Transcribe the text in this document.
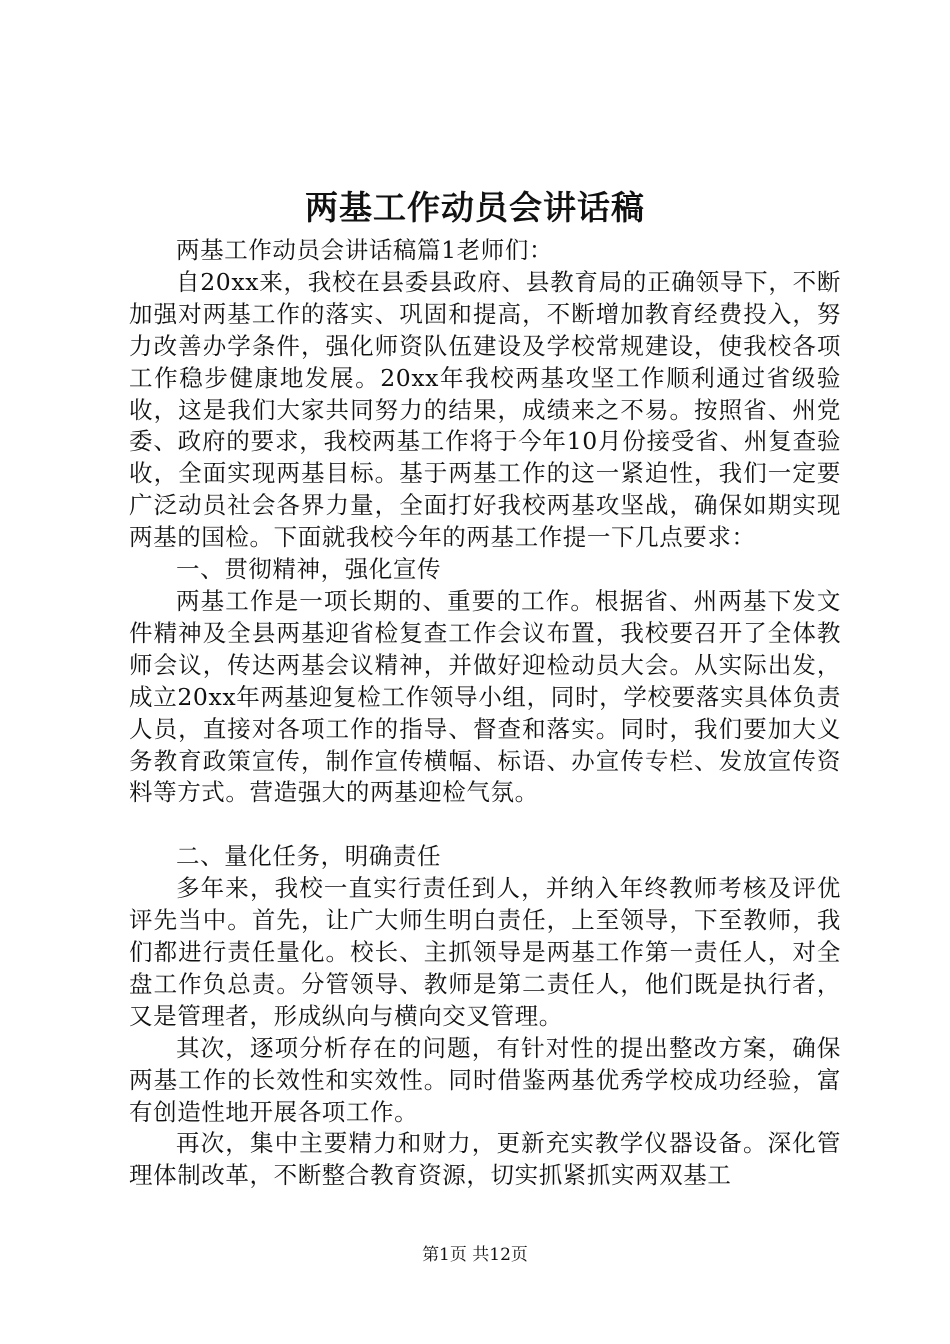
两基工作动员会讲话稿

两基工作动员会讲话稿篇1老师们：

自20xx来，我校在县委县政府、县教育局的正确领导下，不断加强对两基工作的落实、巩固和提高，不断增加教育经费投入，努力改善办学条件，强化师资队伍建设及学校常规建设，使我校各项工作稳步健康地发展。20xx年我校两基攻坚工作顺利通过省级验收，这是我们大家共同努力的结果，成绩来之不易。按照省、州党委、政府的要求，我校两基工作将于今年10月份接受省、州复查验收，全面实现两基目标。基于两基工作的这一紧迫性，我们一定要广泛动员社会各界力量，全面打好我校两基攻坚战，确保如期实现两基的国检。下面就我校今年的两基工作提一下几点要求：

一、贯彻精神，强化宣传

两基工作是一项长期的、重要的工作。根据省、州两基下发文件精神及全县两基迎省检复查工作会议布置，我校要召开了全体教师会议，传达两基会议精神，并做好迎检动员大会。从实际出发，成立20xx年两基迎复检工作领导小组，同时，学校要落实具体负责人员，直接对各项工作的指导、督查和落实。同时，我们要加大义务教育政策宣传，制作宣传横幅、标语、办宣传专栏、发放宣传资料等方式。营造强大的两基迎检气氛。

二、量化任务，明确责任

多年来，我校一直实行责任到人，并纳入年终教师考核及评优评先当中。首先，让广大师生明白责任，上至领导，下至教师，我们都进行责任量化。校长、主抓领导是两基工作第一责任人，对全盘工作负总责。分管领导、教师是第二责任人，他们既是执行者，又是管理者，形成纵向与横向交叉管理。

其次，逐项分析存在的问题，有针对性的提出整改方案，确保两基工作的长效性和实效性。同时借鉴两基优秀学校成功经验，富有创造性地开展各项工作。

再次，集中主要精力和财力，更新充实教学仪器设备。深化管理体制改革，不断整合教育资源，切实抓紧抓实两双基工

第1页 共12页
